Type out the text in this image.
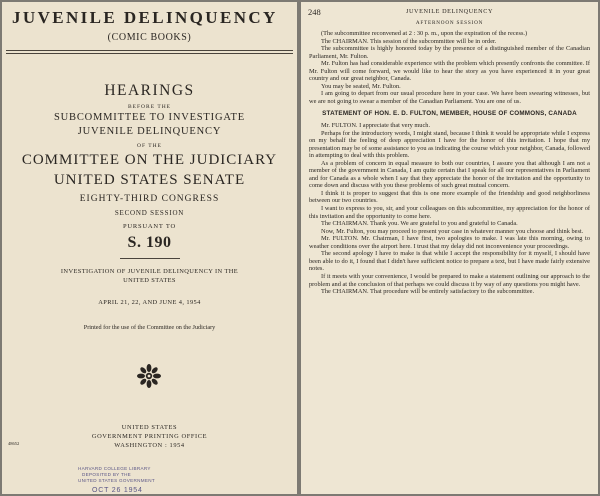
JUVENILE DELINQUENCY
(COMIC BOOKS)
HEARINGS
BEFORE THE
SUBCOMMITTEE TO INVESTIGATE
JUVENILE DELINQUENCY
OF THE
COMMITTEE ON THE JUDICIARY
UNITED STATES SENATE
EIGHTY-THIRD CONGRESS
SECOND SESSION
PURSUANT TO
S. 190
INVESTIGATION OF JUVENILE DELINQUENCY IN THE
UNITED STATES
APRIL 21, 22, AND JUNE 4, 1954
Printed for the use of the Committee on the Judiciary
48652
UNITED STATES
GOVERNMENT PRINTING OFFICE
WASHINGTON : 1954
HARVARD COLLEGE LIBRARY
DEPOSITED BY THE
UNITED STATES GOVERNMENT
OCT 26 1954
248	JUVENILE DELINQUENCY
AFTERNOON SESSION

(The subcommittee reconvened at 2 : 30 p. m., upon the expiration of the recess.)

The CHAIRMAN. This session of the subcommittee will be in order.

The subcommittee is highly honored today by the presence of a distinguished member of the Canadian Parliament, Mr. Fulton.

Mr. Fulton has had considerable experience with the problem which presently confronts the committee. If Mr. Fulton will come forward, we would like to hear the story as you have experienced it in your great country and our great neighbor, Canada.

You may be seated, Mr. Fulton.

I am going to depart from our usual procedure here in your case. We have been swearing witnesses, but we are not going to swear a member of the Canadian Parliament. You are one of us.

STATEMENT OF HON. E. D. FULTON, MEMBER, HOUSE OF COMMONS, CANADA

Mr. FULTON. I appreciate that very much.

Perhaps for the introductory words, I might stand, because I think it would be appropriate while I express on my behalf the feeling of deep appreciation I have for the honor of this invitation. I hope that my presentation may be of some assistance to you as indicating the course which your neighbor, Canada, followed in attempting to deal with this problem.

As a problem of concern in equal measure to both our countries, I assure you that although I am not a member of the government in Canada, I am quite certain that I speak for all our representatives in Parliament and for Canada as a whole when I say that they appreciate the honor of the invitation and the opportunity to come down and discuss with you these problems of such great mutual concern.

I think it is proper to suggest that this is one more example of the friendship and good neighborliness between our two countries.

I want to express to you, sir, and your colleagues on this subcommittee, my appreciation for the honor of this invitation and the opportunity to come here.

The CHAIRMAN. Thank you. We are grateful to you and grateful to Canada.

Now, Mr. Fulton, you may proceed to present your case in whatever manner you choose and think best.

Mr. FULTON. Mr. Chairman, I have first, two apologies to make. I was late this morning, owing to weather conditions over the airport here. I trust that my delay did not inconvenience your proceedings.

The second apology I have to make is that while I accept the responsibility for it myself, I should have been able to do it, I found that I didn't have sufficient notice to prepare a text, but I have made fairly extensive notes.

If it meets with your convenience, I would be prepared to make a statement outlining our approach to the problem and at the conclusion of that perhaps we could discuss it by way of any questions you might have.

The CHAIRMAN. That procedure will be entirely satisfactory to the subcommittee.
